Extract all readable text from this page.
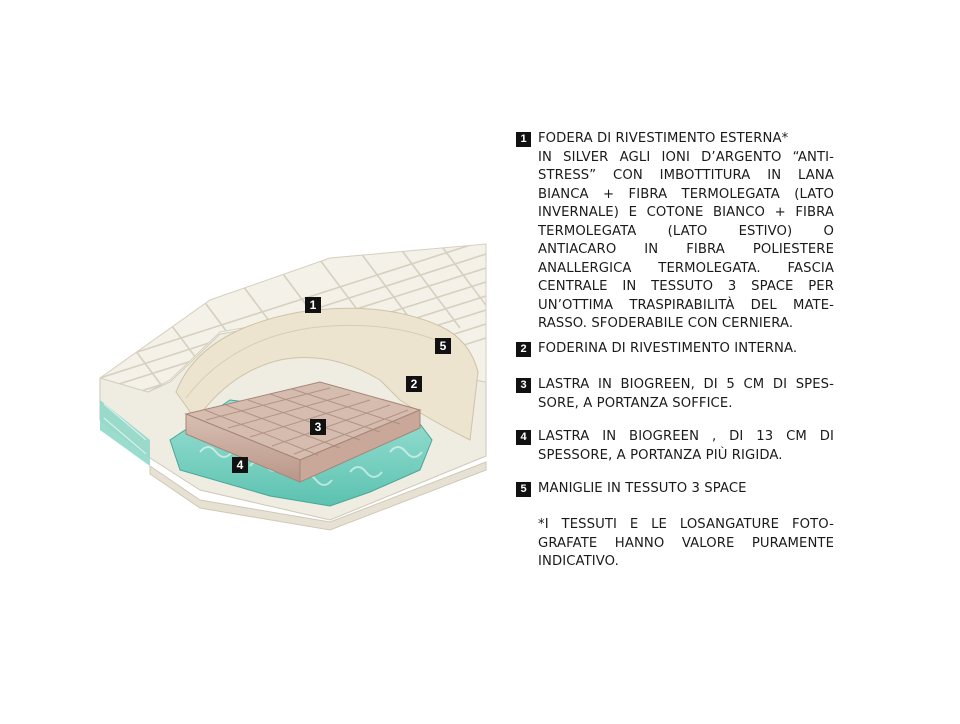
1
2
3
4
5
1 FODERA DI RIVESTIMENTO ESTERNA*
IN SILVER AGLI IONI D’ARGENTO “ANTI-STRESS” CON IMBOTTITURA IN LANA BIANCA + FIBRA TERMOLEGATA (LATO INVERNALE) E COTONE BIANCO + FIBRA TERMOLEGATA (LATO ESTIVO) O ANTIACARO IN FIBRA POLIESTERE ANALLERGICA TERMOLEGATA. FASCIA CENTRALE IN TESSUTO 3 SPACE PER UN’OTTIMA TRASPIRABILITÀ DEL MATE-RASSO. SFODERABILE CON CERNIERA.
2 FODERINA DI RIVESTIMENTO INTERNA.
3 LASTRA IN BIOGREEN, DI 5 CM DI SPES-SORE, A PORTANZA SOFFICE.
4 LASTRA IN BIOGREEN , DI 13 CM DI SPESSORE, A PORTANZA PIÙ RIGIDA.
5 MANIGLIE IN TESSUTO 3 SPACE
*I TESSUTI E LE LOSANGATURE FOTO-GRAFATE HANNO VALORE PURAMENTE INDICATIVO.
